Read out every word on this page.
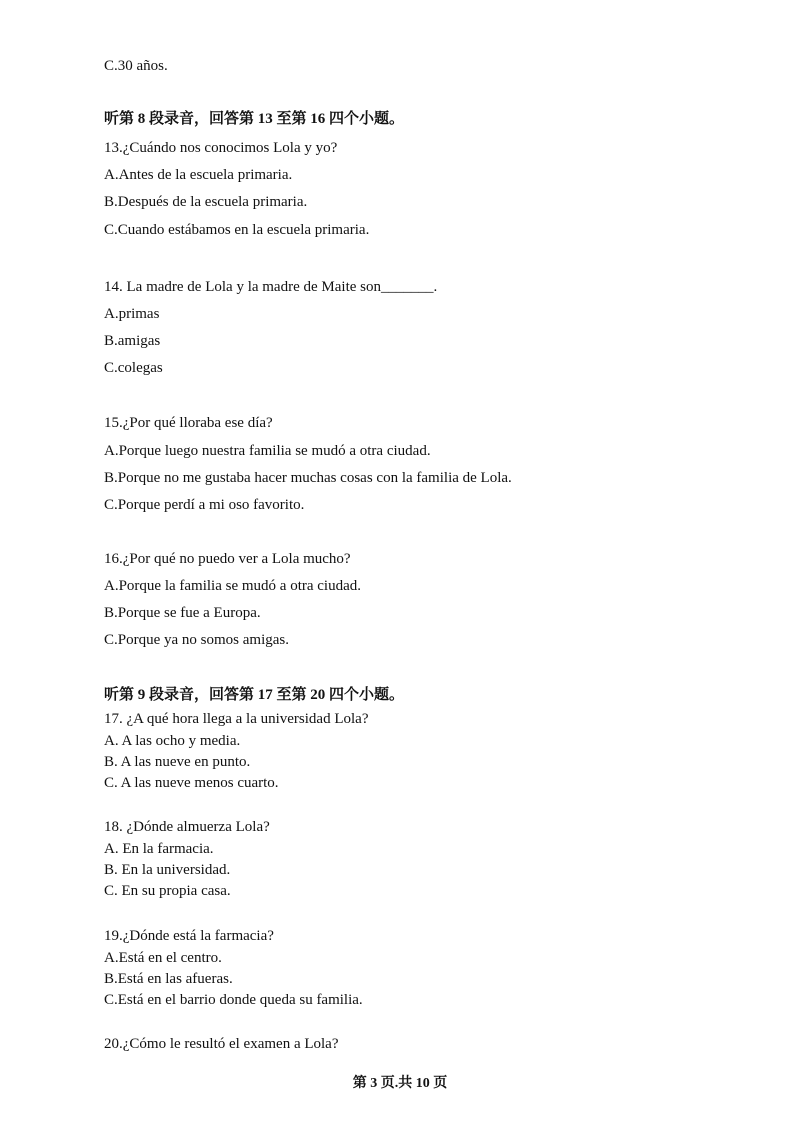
C.30 años.
听第 8 段录音，回答第 13 至第 16 四个小题。
13.¿Cuándo nos conocimos Lola y yo?
A.Antes de la escuela primaria.
B.Después de la escuela primaria.
C.Cuando estábamos en la escuela primaria.
14. La madre de Lola y la madre de Maite son_______.
A.primas
B.amigas
C.colegas
15.¿Por qué lloraba ese día?
A.Porque luego nuestra familia se mudó a otra ciudad.
B.Porque no me gustaba hacer muchas cosas con la familia de Lola.
C.Porque perdí a mi oso favorito.
16.¿Por qué no puedo ver a Lola mucho?
A.Porque la familia se mudó a otra ciudad.
B.Porque se fue a Europa.
C.Porque ya no somos amigas.
听第 9 段录音，回答第 17 至第 20 四个小题。
17. ¿A qué hora llega a la universidad Lola?
A. A las ocho y media.
B. A las nueve en punto.
C. A las nueve menos cuarto.
18. ¿Dónde almuerza Lola?
A. En la farmacia.
B. En la universidad.
C. En su propia casa.
19.¿Dónde está la farmacia?
A.Está en el centro.
B.Está en las afueras.
C.Está en el barrio donde queda su familia.
20.¿Cómo le resultó el examen a Lola?
第 3 页.共 10 页
